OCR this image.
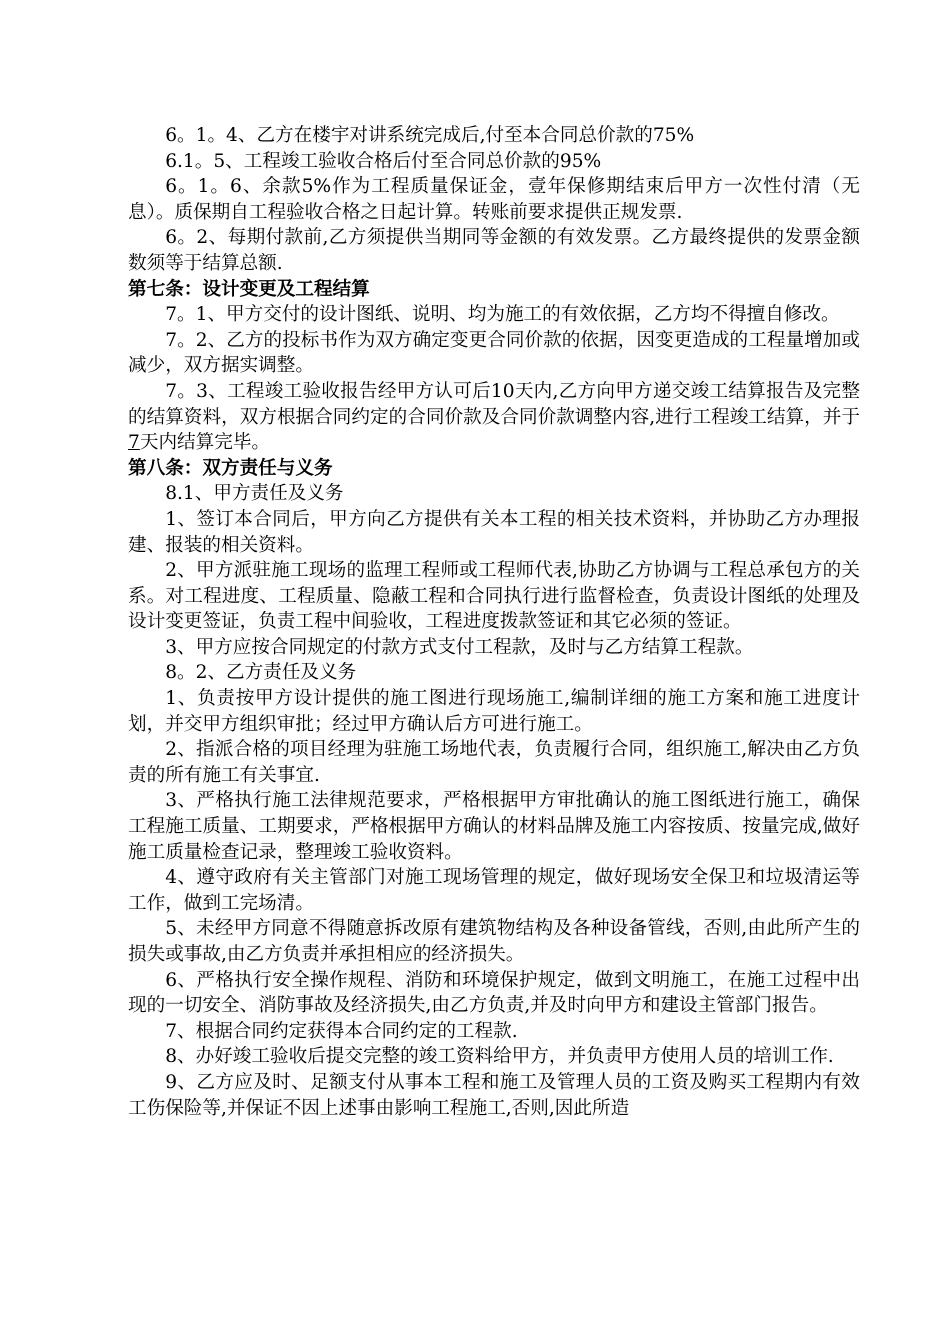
6。1。4、乙方在楼宇对讲系统完成后,付至本合同总价款的75%

6.1。5、工程竣工验收合格后付至合同总价款的95%

6。1。6、余款5%作为工程质量保证金，壹年保修期结束后甲方一次性付清（无息）。质保期自工程验收合格之日起计算。转账前要求提供正规发票.

6。2、每期付款前,乙方须提供当期同等金额的有效发票。乙方最终提供的发票金额数须等于结算总额.

第七条：设计变更及工程结算

7。1、甲方交付的设计图纸、说明、均为施工的有效依据，乙方均不得擅自修改。

7。2、乙方的投标书作为双方确定变更合同价款的依据，因变更造成的工程量增加或减少，双方据实调整。

7。3、工程竣工验收报告经甲方认可后10天内,乙方向甲方递交竣工结算报告及完整的结算资料，双方根据合同约定的合同价款及合同价款调整内容,进行工程竣工结算，并于7天内结算完毕。

第八条：双方责任与义务

8.1、甲方责任及义务

1、签订本合同后，甲方向乙方提供有关本工程的相关技术资料，并协助乙方办理报建、报装的相关资料。

2、甲方派驻施工现场的监理工程师或工程师代表,协助乙方协调与工程总承包方的关系。对工程进度、工程质量、隐蔽工程和合同执行进行监督检查，负责设计图纸的处理及设计变更签证，负责工程中间验收，工程进度拨款签证和其它必须的签证。

3、甲方应按合同规定的付款方式支付工程款，及时与乙方结算工程款。

8。2、乙方责任及义务

1、负责按甲方设计提供的施工图进行现场施工,编制详细的施工方案和施工进度计划，并交甲方组织审批；经过甲方确认后方可进行施工。

2、指派合格的项目经理为驻施工场地代表，负责履行合同，组织施工,解决由乙方负责的所有施工有关事宜.

3、严格执行施工法律规范要求，严格根据甲方审批确认的施工图纸进行施工，确保工程施工质量、工期要求，严格根据甲方确认的材料品牌及施工内容按质、按量完成,做好施工质量检查记录，整理竣工验收资料。

4、遵守政府有关主管部门对施工现场管理的规定，做好现场安全保卫和垃圾清运等工作，做到工完场清。

5、未经甲方同意不得随意拆改原有建筑物结构及各种设备管线，否则,由此所产生的损失或事故,由乙方负责并承担相应的经济损失。

6、严格执行安全操作规程、消防和环境保护规定，做到文明施工，在施工过程中出现的一切安全、消防事故及经济损失,由乙方负责,并及时向甲方和建设主管部门报告。

7、根据合同约定获得本合同约定的工程款.

8、办好竣工验收后提交完整的竣工资料给甲方，并负责甲方使用人员的培训工作.

9、乙方应及时、足额支付从事本工程和施工及管理人员的工资及购买工程期内有效工伤保险等,并保证不因上述事由影响工程施工,否则,因此所造
